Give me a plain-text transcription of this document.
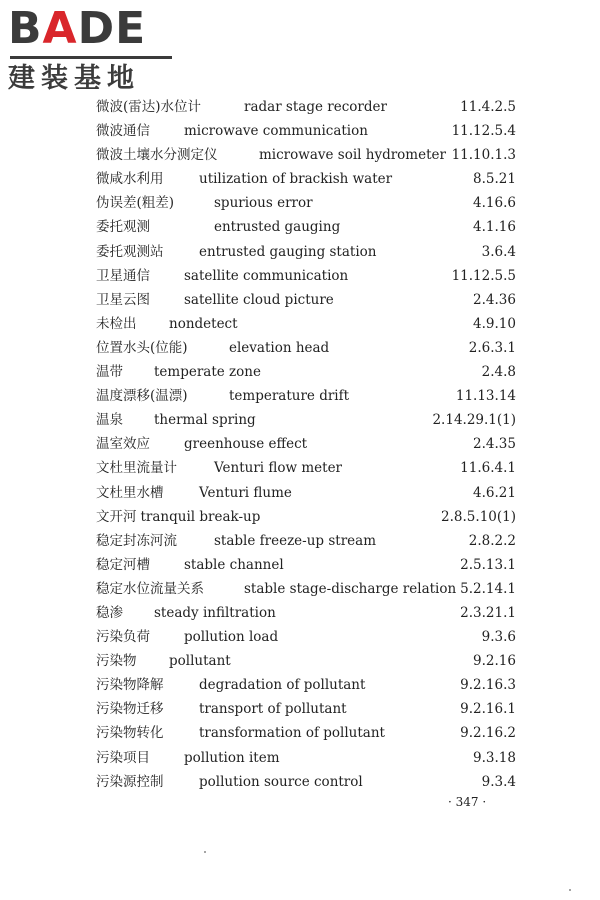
BADE
建装基地
微波(雷达)水位计	radar stage recorder	11.4.2.5
微波通信	microwave communication	11.12.5.4
微波土壤水分测定仪	microwave soil hydrometer 11.10.1.3
微咸水利用	utilization of brackish water	8.5.21
伪误差(粗差)	spurious error	4.16.6
委托观测	entrusted gauging	4.1.16
委托观测站	entrusted gauging station	3.6.4
卫星通信	satellite communication	11.12.5.5
卫星云图	satellite cloud picture	2.4.36
未检出 nondetect	4.9.10
位置水头(位能)	elevation head	2.6.3.1
温带 temperate zone	2.4.8
温度漂移(温漂)	temperature drift	11.13.14
温泉 thermal spring	2.14.29.1(1)
温室效应	greenhouse effect	2.4.35
文杜里流量计	Venturi flow meter	11.6.4.1
文杜里水槽	Venturi flume	4.6.21
文开河 tranquil break-up	2.8.5.10(1)
稳定封冻河流	stable freeze-up stream	2.8.2.2
稳定河槽	stable channel	2.5.13.1
稳定水位流量关系	stable stage-discharge relation 5.2.14.1
稳渗 steady infiltration	2.3.21.1
污染负荷	pollution load	9.3.6
污染物 pollutant	9.2.16
污染物降解	degradation of pollutant	9.2.16.3
污染物迁移	transport of pollutant	9.2.16.1
污染物转化	transformation of pollutant	9.2.16.2
污染项目	pollution item	9.3.18
污染源控制	pollution source control	9.3.4
· 347 ·
